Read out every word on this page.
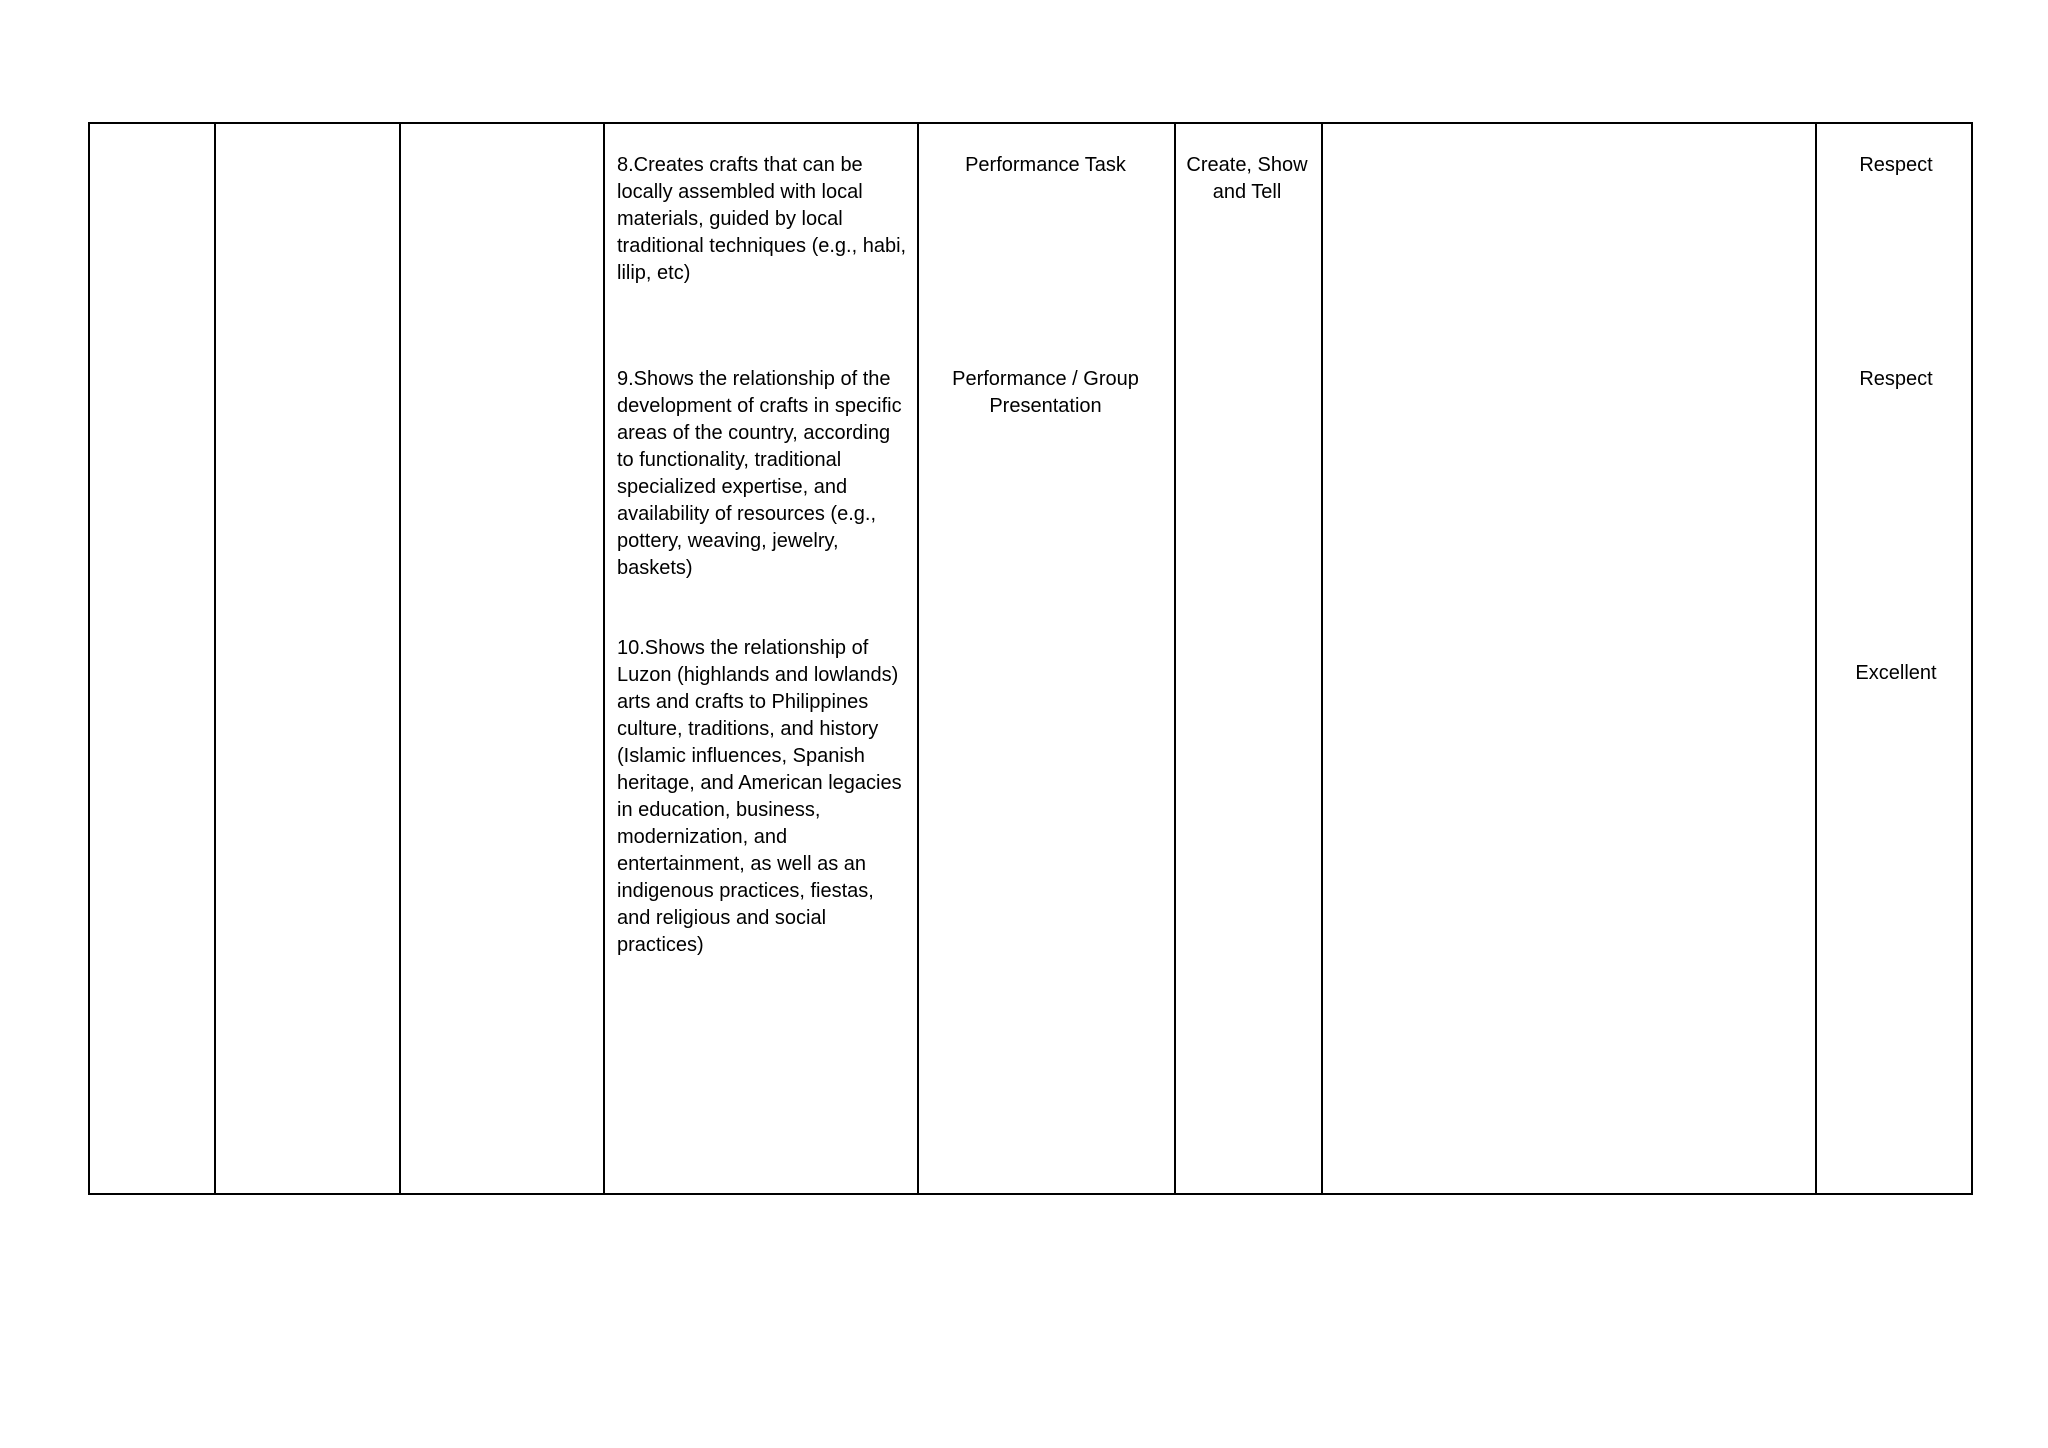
8.Creates crafts that can be locally assembled with local materials, guided by local traditional techniques (e.g., habi, lilip, etc)
9.Shows the relationship of the development of crafts in specific areas of the country, according to functionality, traditional specialized expertise, and availability of resources (e.g., pottery, weaving, jewelry, baskets)
10.Shows the relationship of Luzon (highlands and lowlands) arts and crafts to Philippines culture, traditions, and history (Islamic influences, Spanish heritage, and American legacies in education, business, modernization, and entertainment, as well as an indigenous practices, fiestas, and religious and social practices)
Performance Task
Performance / Group Presentation
Create, Show and Tell
Respect
Respect
Excellent
